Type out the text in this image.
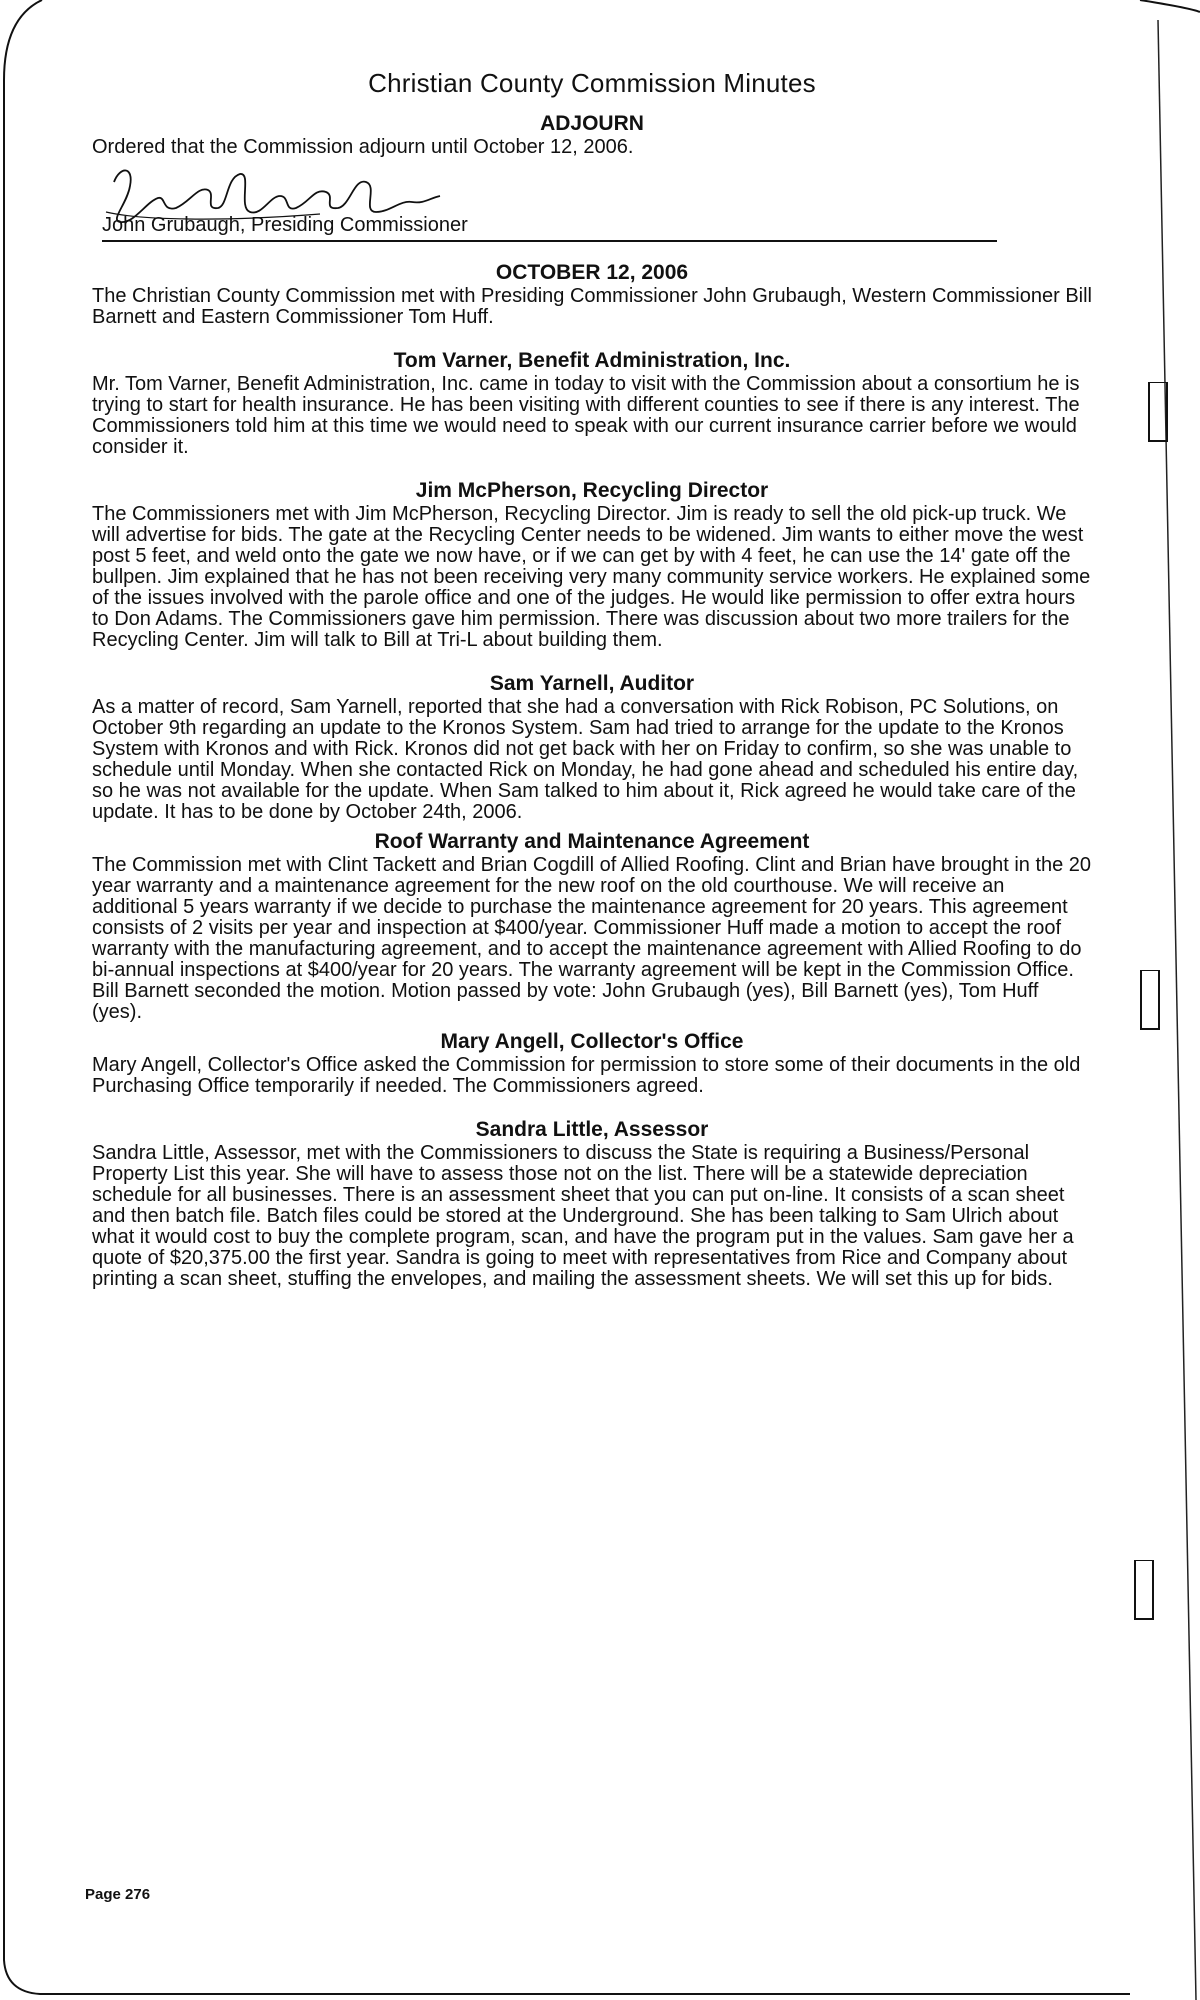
Christian County Commission Minutes
ADJOURN

Ordered that the Commission adjourn until October 12, 2006.

John Grubaugh, Presiding Commissioner
OCTOBER 12, 2006

The Christian County Commission met with Presiding Commissioner John Grubaugh, Western Commissioner Bill Barnett and Eastern Commissioner Tom Huff.

Tom Varner, Benefit Administration, Inc.

Mr. Tom Varner, Benefit Administration, Inc. came in today to visit with the Commission about a consortium he is trying to start for health insurance. He has been visiting with different counties to see if there is any interest. The Commissioners told him at this time we would need to speak with our current insurance carrier before we would consider it.

Jim McPherson, Recycling Director

The Commissioners met with Jim McPherson, Recycling Director. Jim is ready to sell the old pick-up truck. We will advertise for bids. The gate at the Recycling Center needs to be widened. Jim wants to either move the west post 5 feet, and weld onto the gate we now have, or if we can get by with 4 feet, he can use the 14' gate off the bullpen. Jim explained that he has not been receiving very many community service workers. He explained some of the issues involved with the parole office and one of the judges. He would like permission to offer extra hours to Don Adams. The Commissioners gave him permission. There was discussion about two more trailers for the Recycling Center. Jim will talk to Bill at Tri-L about building them.

Sam Yarnell, Auditor

As a matter of record, Sam Yarnell, reported that she had a conversation with Rick Robison, PC Solutions, on October 9th regarding an update to the Kronos System. Sam had tried to arrange for the update to the Kronos System with Kronos and with Rick. Kronos did not get back with her on Friday to confirm, so she was unable to schedule until Monday. When she contacted Rick on Monday, he had gone ahead and scheduled his entire day, so he was not available for the update. When Sam talked to him about it, Rick agreed he would take care of the update. It has to be done by October 24th, 2006.

Roof Warranty and Maintenance Agreement

The Commission met with Clint Tackett and Brian Cogdill of Allied Roofing. Clint and Brian have brought in the 20 year warranty and a maintenance agreement for the new roof on the old courthouse. We will receive an additional 5 years warranty if we decide to purchase the maintenance agreement for 20 years. This agreement consists of 2 visits per year and inspection at $400/year. Commissioner Huff made a motion to accept the roof warranty with the manufacturing agreement, and to accept the maintenance agreement with Allied Roofing to do bi-annual inspections at $400/year for 20 years. The warranty agreement will be kept in the Commission Office. Bill Barnett seconded the motion. Motion passed by vote: John Grubaugh (yes), Bill Barnett (yes), Tom Huff (yes).

Mary Angell, Collector's Office

Mary Angell, Collector's Office asked the Commission for permission to store some of their documents in the old Purchasing Office temporarily if needed. The Commissioners agreed.

Sandra Little, Assessor

Sandra Little, Assessor, met with the Commissioners to discuss the State is requiring a Business/Personal Property List this year. She will have to assess those not on the list. There will be a statewide depreciation schedule for all businesses. There is an assessment sheet that you can put on-line. It consists of a scan sheet and then batch file. Batch files could be stored at the Underground. She has been talking to Sam Ulrich about what it would cost to buy the complete program, scan, and have the program put in the values. Sam gave her a quote of $20,375.00 the first year. Sandra is going to meet with representatives from Rice and Company about printing a scan sheet, stuffing the envelopes, and mailing the assessment sheets. We will set this up for bids.

Page 276
